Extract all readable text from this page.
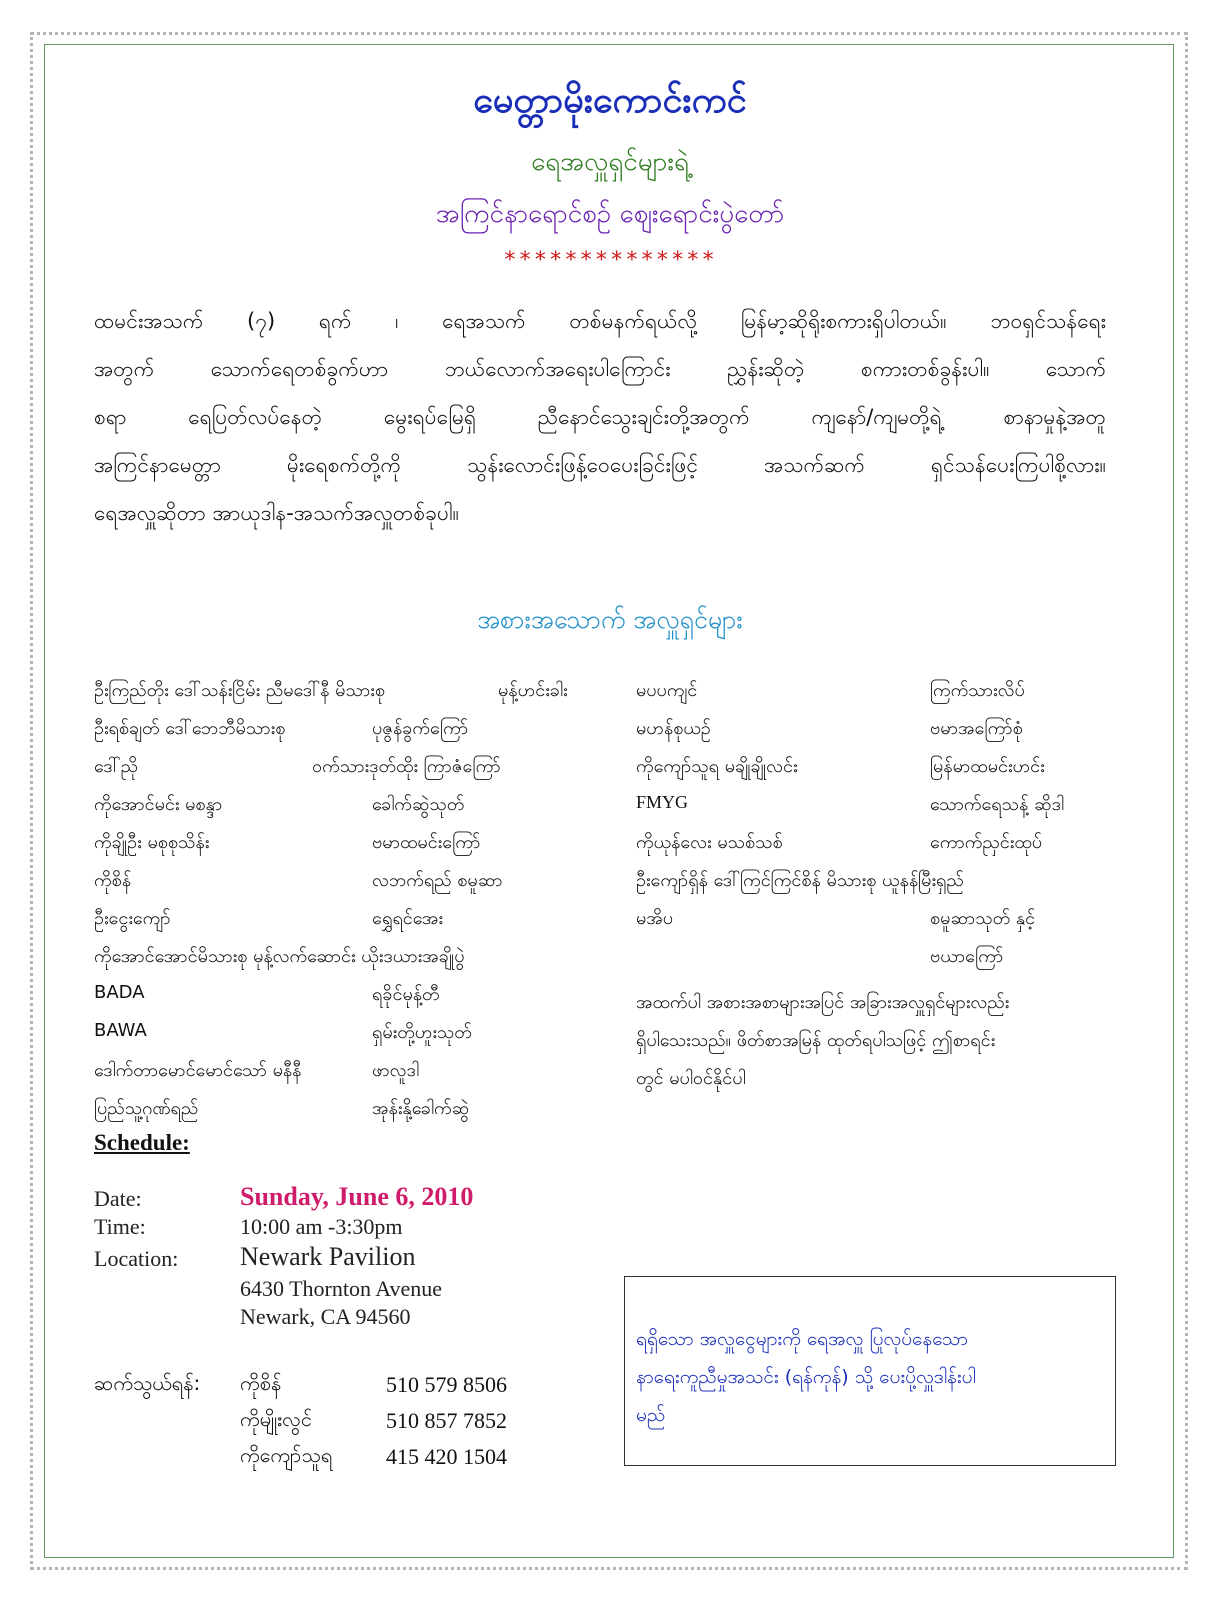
မေတ္တာမိုးကောင်းကင်
ရေအလှူရှင်များရဲ့
အကြင်နာရောင်စဉ် ဈေးရောင်းပွဲတော်
**************
ထမင်းအသက် (၇) ရက် ၊ ရေအသက် တစ်မနက်ရယ်လို့ မြန်မာ့ဆိုရိုးစကားရှိပါတယ်။ ဘ၀ရှင်သန်ရေး
အတွက် သောက်ရေတစ်ခွက်ဟာ ဘယ်လောက်အရေးပါကြောင်း ညွှန်းဆိုတဲ့ စကားတစ်ခွန်းပါ။ သောက်
စရာ ရေပြတ်လပ်နေတဲ့ မွေးရပ်မြေရှိ ညီနောင်သွေးချင်းတို့အတွက် ကျနော်/ကျမတို့ရဲ့ စာနာမှုနဲ့အတူ
အကြင်နာမေတ္တာ မိုးရေစက်တို့ကို သွန်းလောင်းဖြန့်ဝေပေးခြင်းဖြင့် အသက်ဆက် ရှင်သန်ပေးကြပါစို့လား။
ရေအလှူဆိုတာ အာယုဒါန-အသက်အလှူတစ်ခုပါ။
အစားအသောက် အလှူရှင်များ
ဦးကြည်တိုး ဒေါ်သန်းငြိမ်း ညီမဒေါ်နီ မိသားစု	မုန့်ဟင်းခါး
ဦးရစ်ချတ် ဒေါ်ဘေဘီမိသားစု	ပုဇွန်ခွက်ကြော်
ဒေါ်ညို	ဝက်သားဒုတ်ထိုး ကြာဇံကြော်
ကိုအောင်မင်း မစန္ဒာ	ခေါက်ဆွဲသုတ်
ကိုချိုဦး မစုစုသိန်း	ဗမာထမင်းကြော်
ကိုစိန်	လဘက်ရည် စမူဆာ
ဦးငွေးကျော်	ရွှေရင်အေး
ကိုအောင်အောင်မိသားစု မုန့်လက်ဆောင်း ယိုးဒယားအချိုပွဲ
BADA	ရခိုင်မုန့်တီ
BAWA	ရှမ်းတို့ဟူးသုတ်
ဒေါက်တာမောင်မောင်သော် မနီနီ	ဖာလူဒါ
ပြည်သူ့ဂုဏ်ရည်	အုန်းနို့ခေါက်ဆွဲ
မပပကျင်	ကြက်သားလိပ်
မဟန်စုယဉ်	ဗမာအကြော်စုံ
ကိုကျော်သူရ မချိုချိုလင်း	မြန်မာထမင်းဟင်း
FMYG	သောက်ရေသန့် ဆိုဒါ
ကိုယုန်လေး မသစ်သစ်	ကောက်ညှင်းထုပ်
ဦးကျော်ရှိန် ဒေါ်ကြင်ကြင်စိန် မိသားစု ယူနန်မြီးရှည်
မအိပ	စမူဆာသုတ် နှင့်
ဗယာကြော်
အထက်ပါ အစားအစာများအပြင် အခြားအလှူရှင်များလည်း
ရှိပါသေးသည်။ ဖိတ်စာအမြန် ထုတ်ရပါသဖြင့် ဤစာရင်း
တွင် မပါဝင်နိုင်ပါ
Schedule:
Date:	Sunday, June 6, 2010
Time:	10:00 am -3:30pm
Location: Newark Pavilion
6430 Thornton Avenue
Newark, CA 94560
ဆက်သွယ်ရန်: ကိုစိန်	510 579 8506
ကိုမျိုးလွင်	510 857 7852
ကိုကျော်သူရ 415 420 1504
ရရှိသော အလှူငွေများကို ရေအလှူ ပြုလုပ်နေသော
နာရေးကူညီမှုအသင်း (ရန်ကုန်) သို့ ပေးပို့လှူဒါန်းပါ
မည်
